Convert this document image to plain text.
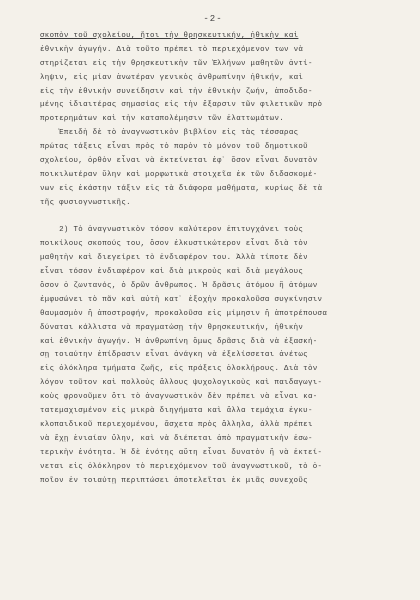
-2-
σκοπὸν τοῦ σχολείου, ἤτοι τὴν θρησκευτικήν, ἠθικὴν καὶ
ἐθνικὴν ἀγωγήν. Διὰ τοῦτο πρέπει τὸ περιεχόμενον των νὰ
στηρίζεται εἰς τὴν θρησκευτικὴν τῶν Ἑλλήνων μαθητῶν ἀντί-
ληψιν, εἰς μίαν ἀνωτέραν γενικὸς ἀνθρωπίνην ἠθικήν, καὶ
εἰς τὴν ἐθνικὴν συνείδησιν καὶ τὴν ἐθνικὴν ζωήν, ἀποδιδο-
μένης ἰδιαιτέρας σημασίας εἰς τὴν ἔξαρσιν τῶν φιλετικῶν πρὸ
προτερημάτων καὶ τὴν καταπολέμησιν τῶν ἐλαττωμάτων.
Ἐπειδὴ δὲ τὸ ἀναγνωστικὸν βιβλίον εἰς τὰς τέσσαρας
πρώτας τάξεις εἶναι πρὸς τὸ παρὸν τὸ μόνον τοῦ δημοτικοῦ
σχολείου, ὀρθὸν εἶναι νὰ ἐκτείνεται ἐφ᾽ ὅσον εἶναι δυνατὸν
ποικιλωτέραν ὕλην καὶ μορφωτικὰ στοιχεῖα ἐκ τῶν διδασκομέ-
νων εἰς ἑκάστην τάξιν εἰς τὰ διάφορα μαθήματα, κυρίως δὲ τὰ
τῆς φυσιογνωστικῆς.
2) Τὸ ἀναγνωστικὸν τόσον καλύτερον ἐπιτυγχάνει τοὺς
ποικίλους σκοπούς του, ὅσον ἐλκυστικώτερον εἶναι διὰ τὸν
μαθητὴν καὶ διεγείρει τὸ ἐνδιαφέρον του. Ἀλλὰ τίποτε δὲν
εἶναι τόσον ἐνδιαφέρον καὶ διὰ μικροὺς καὶ διὰ μεγάλους
ὅσον ὁ ζωντανός, ὁ δρῶν ἄνθρωπος. Ἡ δρᾶσις ἀτόμου ἢ ἀτόμων
ἐμφυσώνει τὸ πᾶν καὶ αὐτὴ κατ᾽ ἐξοχὴν προκαλοῦσα συγκίνησιν
θαυμασμὸν ἢ ἀποστροφήν, προκαλοῦσα εἰς μίμησιν ἢ ἀποτρέπουσα
δύναται κάλλιστα νὰ πραγματώσῃ τὴν θρησκευτικήν, ἠθικὴν
καὶ ἐθνικὴν ἀγωγήν. Ἡ ἀνθρωπίνη ὅμως δρᾶσις διὰ νὰ ἐξασκή-
σῃ τοιαύτην ἐπίδρασιν εἶναι ἀνάγκη νὰ ἐξελίσσεται ἀνέτως
εἰς ὁλόκληρα τμήματα ζωῆς, εἰς πράξεις ὁλοκλήρους. Διὰ τὸν
λόγον τοῦτον καὶ πολλοὺς ἄλλους ψυχολογικοὺς καὶ παιδαγωγι-
κοὺς φρονοῦμεν ὅτι τὸ ἀναγνωστικὸν δὲν πρέπει νὰ εἶναι κα-
τατεμαχισμένον εἰς μικρὰ διηγήματα καὶ ἄλλα τεμάχια ἐγκυ-
κλοπαιδικοῦ περιεχομένου, ἄσχετα πρὸς ἄλληλα, ἀλλὰ πρέπει
νὰ ἔχῃ ἑνιαίαν ὕλην, καὶ νὰ διέπεται ἀπὸ πραγματικὴν ἐσω-
τερικὴν ἑνότητα. Ἡ δὲ ἑνότης αὕτη εἶναι δυνατὸν ἢ νὰ ἐκτεί-
νεται εἰς ὁλόκληρον τὸ περιεχόμενον τοῦ ἀναγνωστικοῦ, τὸ ὁ-
ποῖον ἐν τοιαύτῃ περιπτώσει ἀποτελεῖται ἐκ μιᾶς συνεχοῦς
